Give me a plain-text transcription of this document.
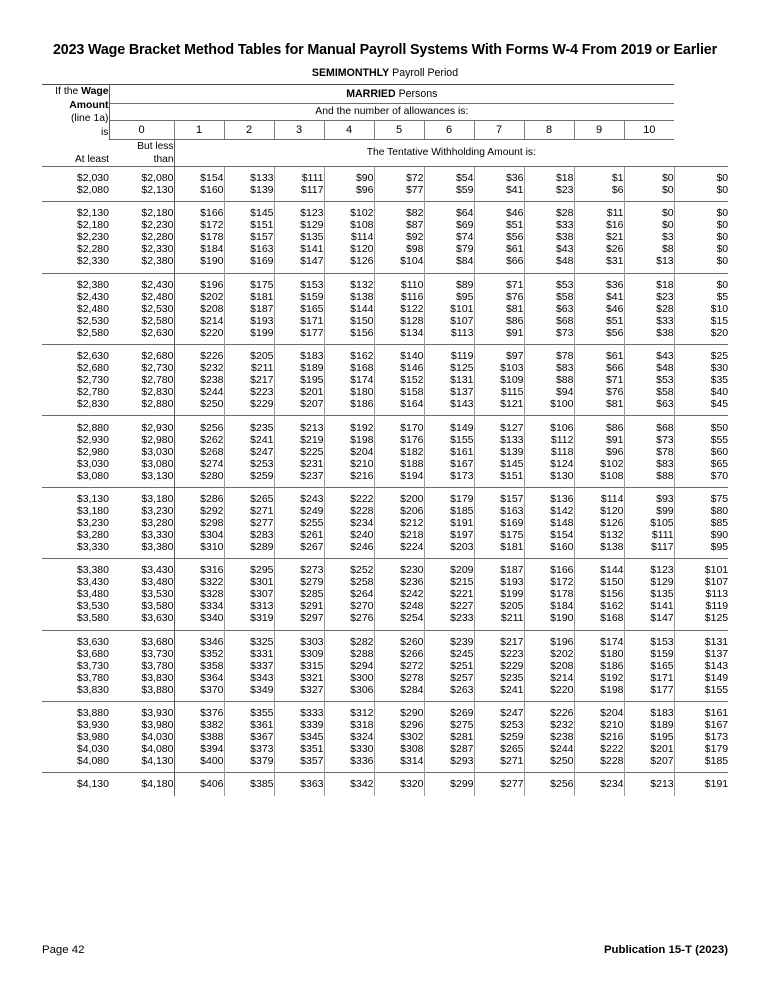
2023 Wage Bracket Method Tables for Manual Payroll Systems With Forms W-4 From 2019 or Earlier
SEMIMONTHLY Payroll Period
If the Wage Amount
(line 1a)
is	MARRIED Persons											
	And the number of allowances is:											
	0	1	2	3	4	5	6	7	8	9	10	

At least	But less
than	The Tentative Withholding Amount is:										

$2,030	$2,080	$154	$133	$111	$90	$72	$54	$36	$18	$1	$0	$0
$2,080	$2,130	$160	$139	$117	$96	$77	$59	$41	$23	$6	$0	$0

$2,130	$2,180	$166	$145	$123	$102	$82	$64	$46	$28	$11	$0	$0
$2,180	$2,230	$172	$151	$129	$108	$87	$69	$51	$33	$16	$0	$0
$2,230	$2,280	$178	$157	$135	$114	$92	$74	$56	$38	$21	$3	$0
$2,280	$2,330	$184	$163	$141	$120	$98	$79	$61	$43	$26	$8	$0
$2,330	$2,380	$190	$169	$147	$126	$104	$84	$66	$48	$31	$13	$0

$2,380	$2,430	$196	$175	$153	$132	$110	$89	$71	$53	$36	$18	$0
$2,430	$2,480	$202	$181	$159	$138	$116	$95	$76	$58	$41	$23	$5
$2,480	$2,530	$208	$187	$165	$144	$122	$101	$81	$63	$46	$28	$10
$2,530	$2,580	$214	$193	$171	$150	$128	$107	$86	$68	$51	$33	$15
$2,580	$2,630	$220	$199	$177	$156	$134	$113	$91	$73	$56	$38	$20

$2,630	$2,680	$226	$205	$183	$162	$140	$119	$97	$78	$61	$43	$25
$2,680	$2,730	$232	$211	$189	$168	$146	$125	$103	$83	$66	$48	$30
$2,730	$2,780	$238	$217	$195	$174	$152	$131	$109	$88	$71	$53	$35
$2,780	$2,830	$244	$223	$201	$180	$158	$137	$115	$94	$76	$58	$40
$2,830	$2,880	$250	$229	$207	$186	$164	$143	$121	$100	$81	$63	$45

$2,880	$2,930	$256	$235	$213	$192	$170	$149	$127	$106	$86	$68	$50
$2,930	$2,980	$262	$241	$219	$198	$176	$155	$133	$112	$91	$73	$55
$2,980	$3,030	$268	$247	$225	$204	$182	$161	$139	$118	$96	$78	$60
$3,030	$3,080	$274	$253	$231	$210	$188	$167	$145	$124	$102	$83	$65
$3,080	$3,130	$280	$259	$237	$216	$194	$173	$151	$130	$108	$88	$70

$3,130	$3,180	$286	$265	$243	$222	$200	$179	$157	$136	$114	$93	$75
$3,180	$3,230	$292	$271	$249	$228	$206	$185	$163	$142	$120	$99	$80
$3,230	$3,280	$298	$277	$255	$234	$212	$191	$169	$148	$126	$105	$85
$3,280	$3,330	$304	$283	$261	$240	$218	$197	$175	$154	$132	$111	$90
$3,330	$3,380	$310	$289	$267	$246	$224	$203	$181	$160	$138	$117	$95

$3,380	$3,430	$316	$295	$273	$252	$230	$209	$187	$166	$144	$123	$101
$3,430	$3,480	$322	$301	$279	$258	$236	$215	$193	$172	$150	$129	$107
$3,480	$3,530	$328	$307	$285	$264	$242	$221	$199	$178	$156	$135	$113
$3,530	$3,580	$334	$313	$291	$270	$248	$227	$205	$184	$162	$141	$119
$3,580	$3,630	$340	$319	$297	$276	$254	$233	$211	$190	$168	$147	$125

$3,630	$3,680	$346	$325	$303	$282	$260	$239	$217	$196	$174	$153	$131
$3,680	$3,730	$352	$331	$309	$288	$266	$245	$223	$202	$180	$159	$137
$3,730	$3,780	$358	$337	$315	$294	$272	$251	$229	$208	$186	$165	$143
$3,780	$3,830	$364	$343	$321	$300	$278	$257	$235	$214	$192	$171	$149
$3,830	$3,880	$370	$349	$327	$306	$284	$263	$241	$220	$198	$177	$155

$3,880	$3,930	$376	$355	$333	$312	$290	$269	$247	$226	$204	$183	$161
$3,930	$3,980	$382	$361	$339	$318	$296	$275	$253	$232	$210	$189	$167
$3,980	$4,030	$388	$367	$345	$324	$302	$281	$259	$238	$216	$195	$173
$4,030	$4,080	$394	$373	$351	$330	$308	$287	$265	$244	$222	$201	$179
$4,080	$4,130	$400	$379	$357	$336	$314	$293	$271	$250	$228	$207	$185

$4,130	$4,180	$406	$385	$363	$342	$320	$299	$277	$256	$234	$213	$191
Page 42	Publication 15-T (2023)
